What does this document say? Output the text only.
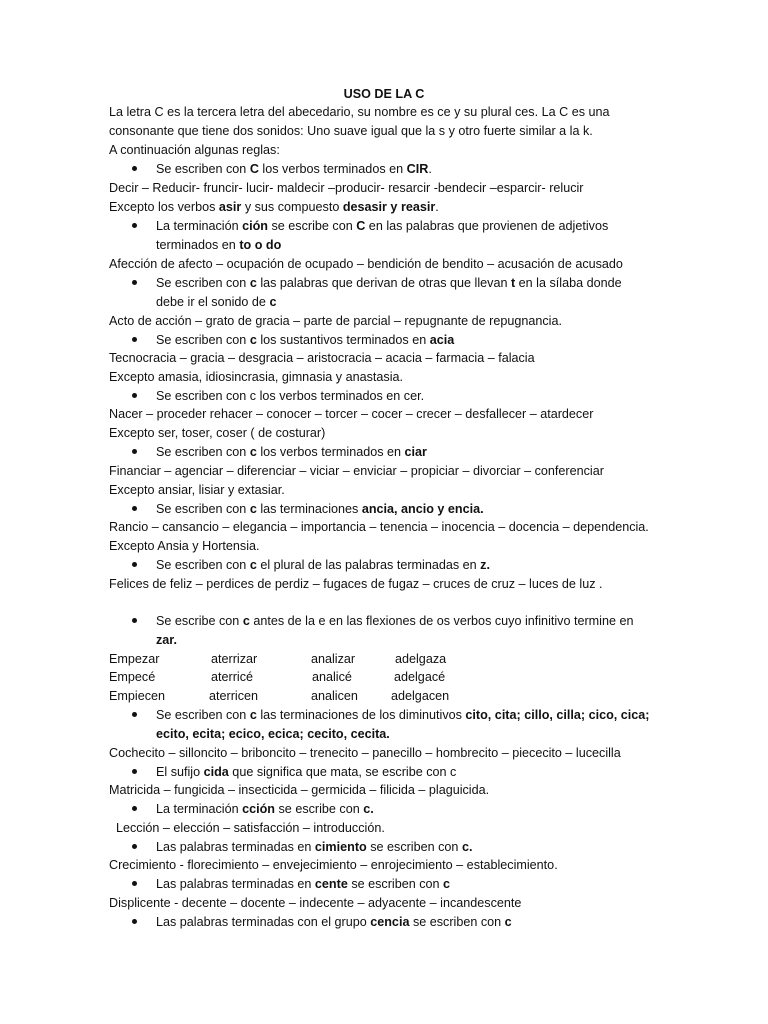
USO DE LA C
La letra C es la tercera letra del abecedario, su nombre es ce y su plural ces. La C es una
consonante que tiene dos sonidos: Uno suave igual que la s y otro fuerte similar a la k.
A continuación algunas reglas:
Se escriben con C los verbos terminados en CIR.
Decir – Reducir- fruncir- lucir- maldecir –producir- resarcir -bendecir –esparcir- relucir
Excepto los verbos asir y sus compuesto desasir y reasir.
La terminación ción se escribe con C en las palabras que provienen de adjetivos
terminados en to o do
Afección de afecto – ocupación de ocupado – bendición de bendito – acusación de acusado
Se escriben con c las palabras que derivan de otras que llevan t en la sílaba donde
debe ir el sonido de c
Acto de acción – grato de gracia – parte de parcial – repugnante de repugnancia.
Se escriben con c los sustantivos terminados en acia
Tecnocracia – gracia – desgracia – aristocracia – acacia – farmacia – falacia
Excepto amasia, idiosincrasia, gimnasia y anastasia.
Se escriben con c los verbos terminados en cer.
Nacer – proceder rehacer – conocer – torcer – cocer – crecer – desfallecer – atardecer
Excepto ser, toser, coser ( de costurar)
Se escriben con c los verbos terminados en ciar
Financiar – agenciar – diferenciar – viciar – enviciar – propiciar – divorciar – conferenciar
Excepto ansiar, lisiar y extasiar.
Se escriben con c las terminaciones ancia, ancio y encia.
Rancio – cansancio – elegancia – importancia – tenencia – inocencia – docencia – dependencia.
Excepto Ansia y Hortensia.
Se escriben con c el plural de las palabras terminadas en z.
Felices de feliz – perdices de perdiz – fugaces de fugaz – cruces de cruz – luces de luz .
Se escribe con c antes de la e en las flexiones de os verbos cuyo infinitivo termine en
zar.
Empezar	aterrizar	analizar	adelgaza
Empecé	aterricé	analicé	adelgacé
Empiecen	aterricen	analicen	adelgacen
Se escriben con c las terminaciones de los diminutivos cito, cita; cillo, cilla; cico, cica;
ecito, ecita; ecico, ecica; cecito, cecita.
Cochecito – silloncito – briboncito – trenecito – panecillo – hombrecito – piececito – lucecilla
El sufijo cida que significa que mata, se escribe con c
Matricida – fungicida – insecticida – germicida – filicida – plaguicida.
La terminación cción se escribe con c.
Lección – elección – satisfacción – introducción.
Las palabras terminadas en cimiento se escriben con c.
Crecimiento - florecimiento – envejecimiento – enrojecimiento – establecimiento.
Las palabras terminadas en cente se escriben con c
Displicente - decente – docente – indecente – adyacente – incandescente
Las palabras terminadas con el grupo cencia se escriben con c
